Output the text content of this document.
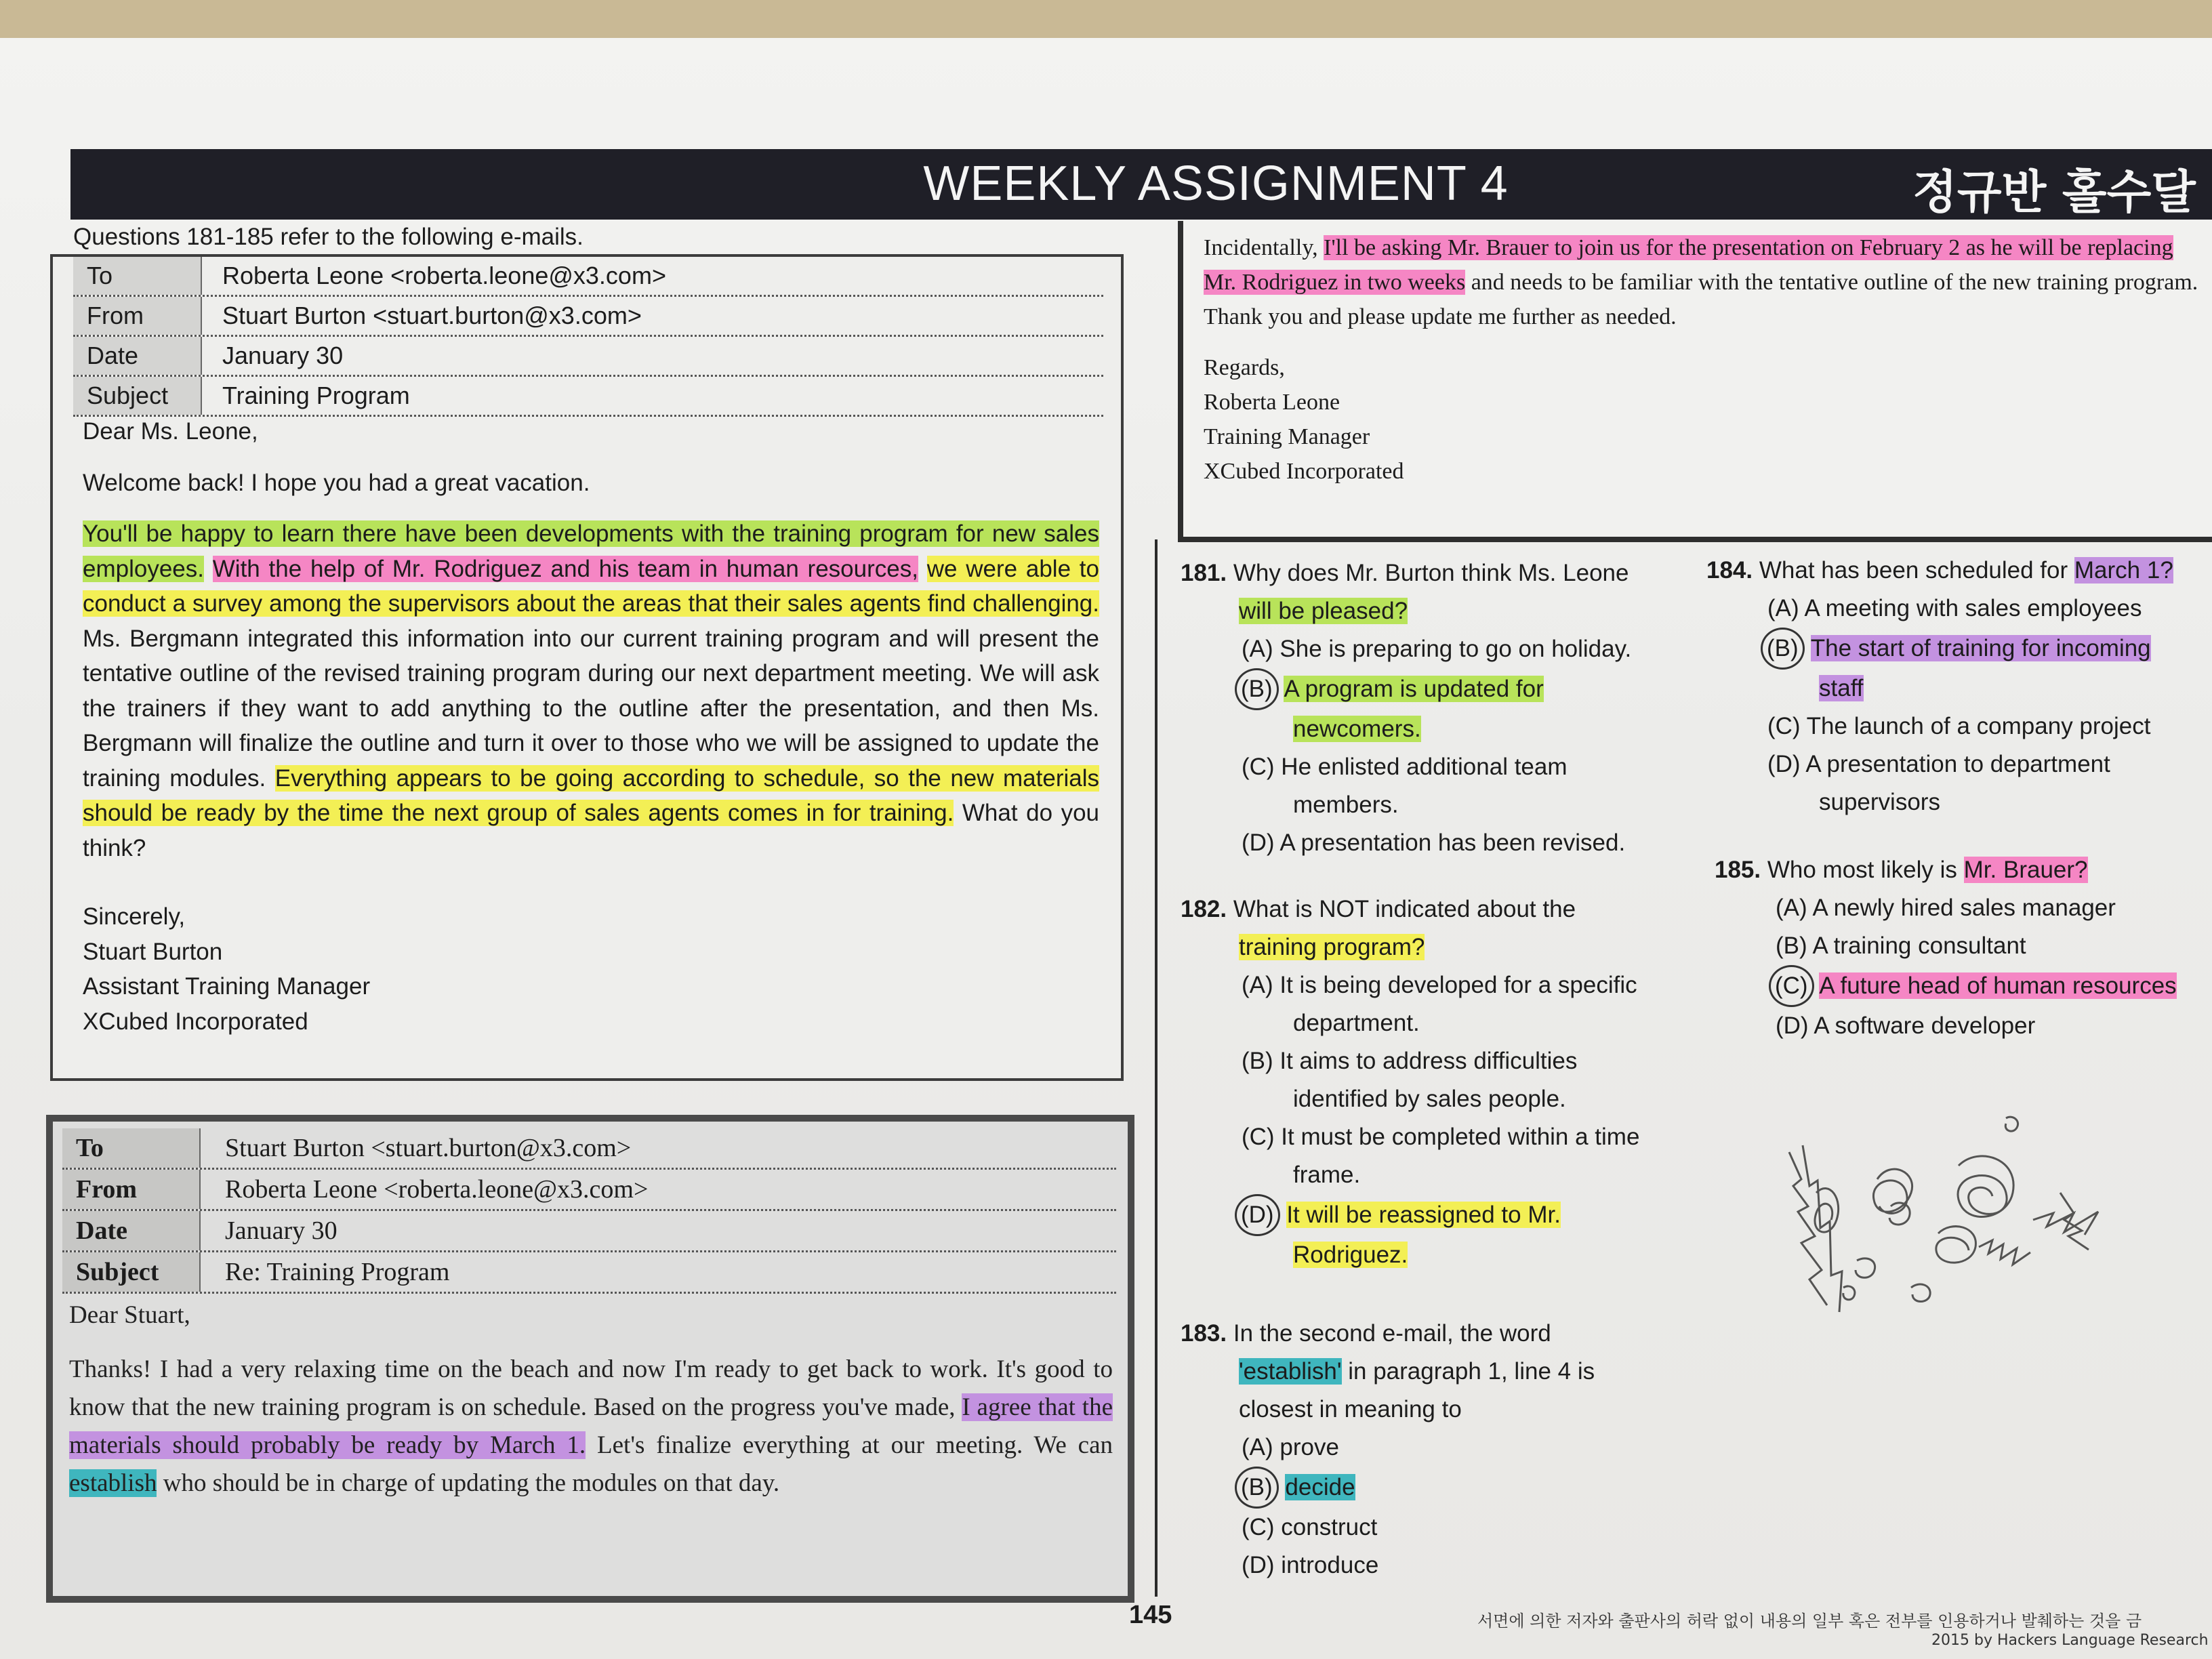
WEEKLY ASSIGNMENT 4	정규반 홀수달
Questions 181-185 refer to the following e-mails.
To	Roberta Leone <roberta.leone@x3.com>
From	Stuart Burton <stuart.burton@x3.com>
Date	January 30
Subject	Training Program

Dear Ms. Leone,

Welcome back! I hope you had a great vacation.

You'll be happy to learn there have been developments with the training program for new sales employees. With the help of Mr. Rodriguez and his team in human resources, we were able to conduct a survey among the supervisors about the areas that their sales agents find challenging. Ms. Bergmann integrated this information into our current training program and will present the tentative outline of the revised training program during our next department meeting. We will ask the trainers if they want to add anything to the outline after the presentation, and then Ms. Bergmann will finalize the outline and turn it over to those who we will be assigned to update the training modules. Everything appears to be going according to schedule, so the new materials should be ready by the time the next group of sales agents comes in for training. What do you think?

Sincerely,

Stuart Burton

Assistant Training Manager

XCubed Incorporated

To	Stuart Burton <stuart.burton@x3.com>
From	Roberta Leone <roberta.leone@x3.com>
Date	January 30
Subject	Re: Training Program

Dear Stuart,

Thanks! I had a very relaxing time on the beach and now I'm ready to get back to work. It's good to know that the new training program is on schedule. Based on the progress you've made, I agree that the materials should probably be ready by March 1. Let's finalize everything at our meeting. We can establish who should be in charge of updating the modules on that day.

Incidentally, I'll be asking Mr. Brauer to join us for the presentation on February 2 as he will be replacing Mr. Rodriguez in two weeks and needs to be familiar with the tentative outline of the new training program.

Thank you and please update me further as needed.

Regards,

Roberta Leone

Training Manager

XCubed Incorporated

181. Why does Mr. Burton think Ms. Leone
will be pleased?

(A) She is preparing to go on holiday.
(B) A program is updated for
newcomers.
(C) He enlisted additional team
members.
(D) A presentation has been revised.

182. What is NOT indicated about the
training program?

(A) It is being developed for a specific
department.
(B) It aims to address difficulties
identified by sales people.
(C) It must be completed within a time
frame.
(D) It will be reassigned to Mr.
Rodriguez.

183. In the second e-mail, the word
'establish' in paragraph 1, line 4 is
closest in meaning to

(A) prove
(B) decide
(C) construct
(D) introduce

184. What has been scheduled for March 1?

(A) A meeting with sales employees
(B) The start of training for incoming
staff
(C) The launch of a company project
(D) A presentation to department
supervisors

185. Who most likely is Mr. Brauer?

(A) A newly hired sales manager
(B) A training consultant
(C) A future head of human resources
(D) A software developer
145	서면에 의한 저자와 출판사의 허락 없이 내용의 일부 혹은 전부를 인용하거나 발췌하는 것을 금
2015 by Hackers Language Research
